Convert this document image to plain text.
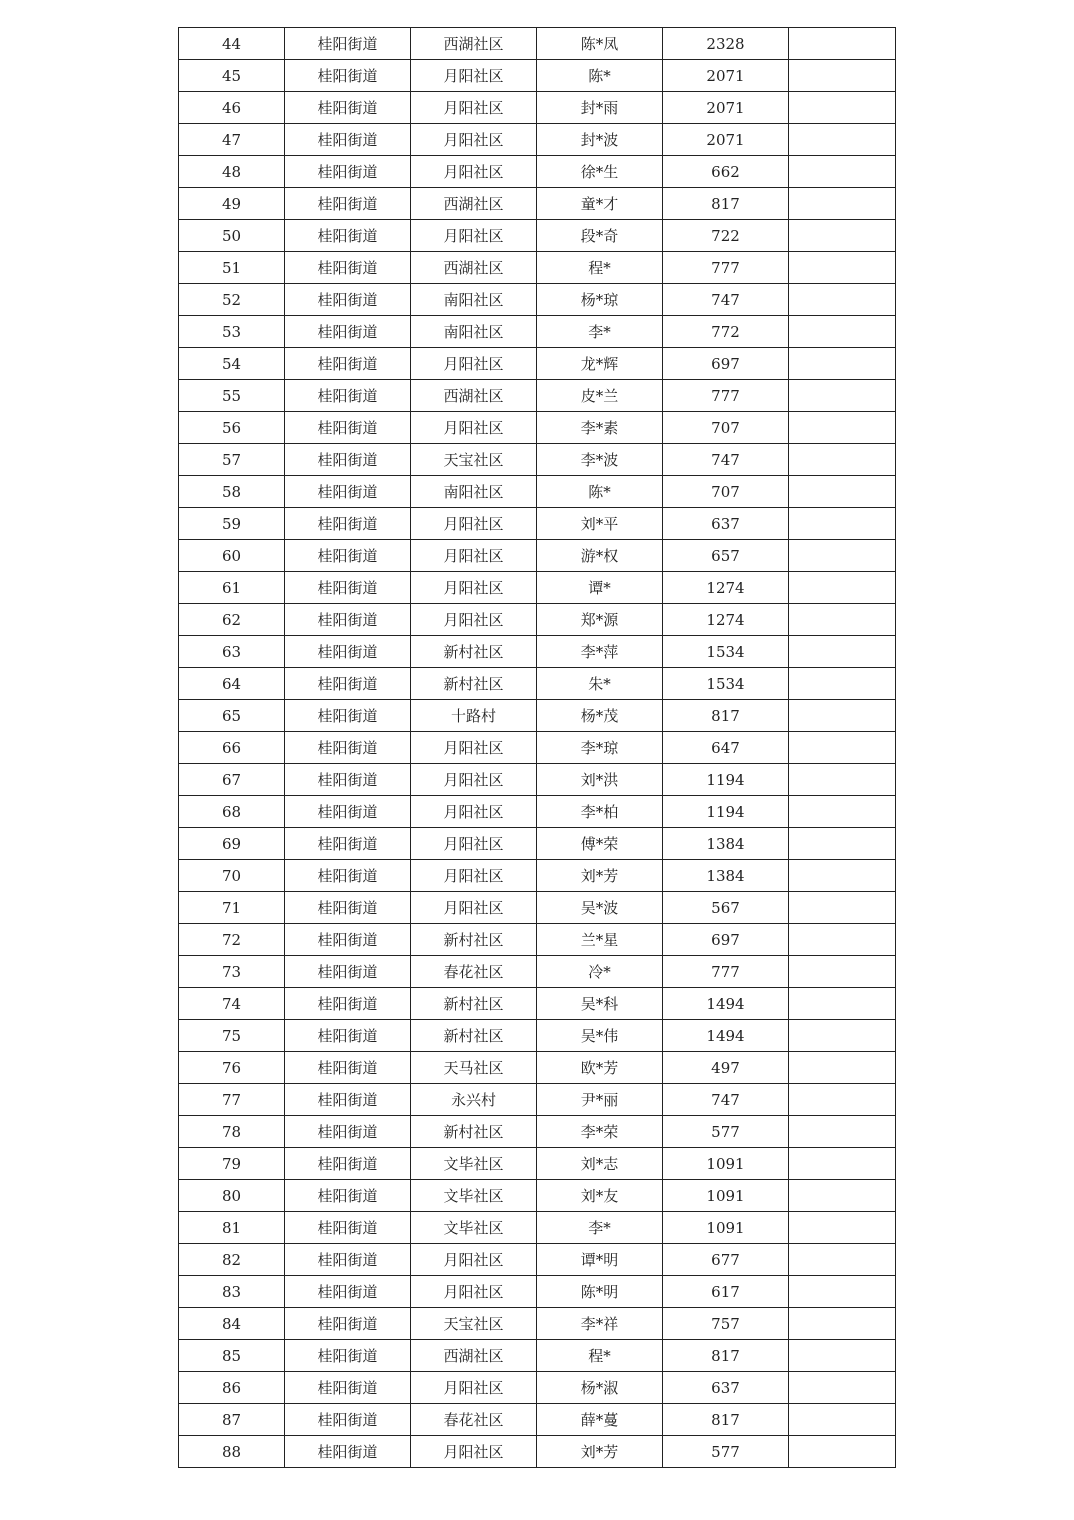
44	桂阳街道	西湖社区	陈*凤	2328	
45	桂阳街道	月阳社区	陈*	2071	
46	桂阳街道	月阳社区	封*雨	2071	
47	桂阳街道	月阳社区	封*波	2071	
48	桂阳街道	月阳社区	徐*生	662	
49	桂阳街道	西湖社区	童*才	817	
50	桂阳街道	月阳社区	段*奇	722	
51	桂阳街道	西湖社区	程*	777	
52	桂阳街道	南阳社区	杨*琼	747	
53	桂阳街道	南阳社区	李*	772	
54	桂阳街道	月阳社区	龙*辉	697	
55	桂阳街道	西湖社区	皮*兰	777	
56	桂阳街道	月阳社区	李*素	707	
57	桂阳街道	天宝社区	李*波	747	
58	桂阳街道	南阳社区	陈*	707	
59	桂阳街道	月阳社区	刘*平	637	
60	桂阳街道	月阳社区	游*权	657	
61	桂阳街道	月阳社区	谭*	1274	
62	桂阳街道	月阳社区	郑*源	1274	
63	桂阳街道	新村社区	李*萍	1534	
64	桂阳街道	新村社区	朱*	1534	
65	桂阳街道	十路村	杨*茂	817	
66	桂阳街道	月阳社区	李*琼	647	
67	桂阳街道	月阳社区	刘*洪	1194	
68	桂阳街道	月阳社区	李*柏	1194	
69	桂阳街道	月阳社区	傅*荣	1384	
70	桂阳街道	月阳社区	刘*芳	1384	
71	桂阳街道	月阳社区	吴*波	567	
72	桂阳街道	新村社区	兰*星	697	
73	桂阳街道	春花社区	冷*	777	
74	桂阳街道	新村社区	吴*科	1494	
75	桂阳街道	新村社区	吴*伟	1494	
76	桂阳街道	天马社区	欧*芳	497	
77	桂阳街道	永兴村	尹*丽	747	
78	桂阳街道	新村社区	李*荣	577	
79	桂阳街道	文毕社区	刘*志	1091	
80	桂阳街道	文毕社区	刘*友	1091	
81	桂阳街道	文毕社区	李*	1091	
82	桂阳街道	月阳社区	谭*明	677	
83	桂阳街道	月阳社区	陈*明	617	
84	桂阳街道	天宝社区	李*祥	757	
85	桂阳街道	西湖社区	程*	817	
86	桂阳街道	月阳社区	杨*淑	637	
87	桂阳街道	春花社区	薛*蔓	817	
88	桂阳街道	月阳社区	刘*芳	577	
